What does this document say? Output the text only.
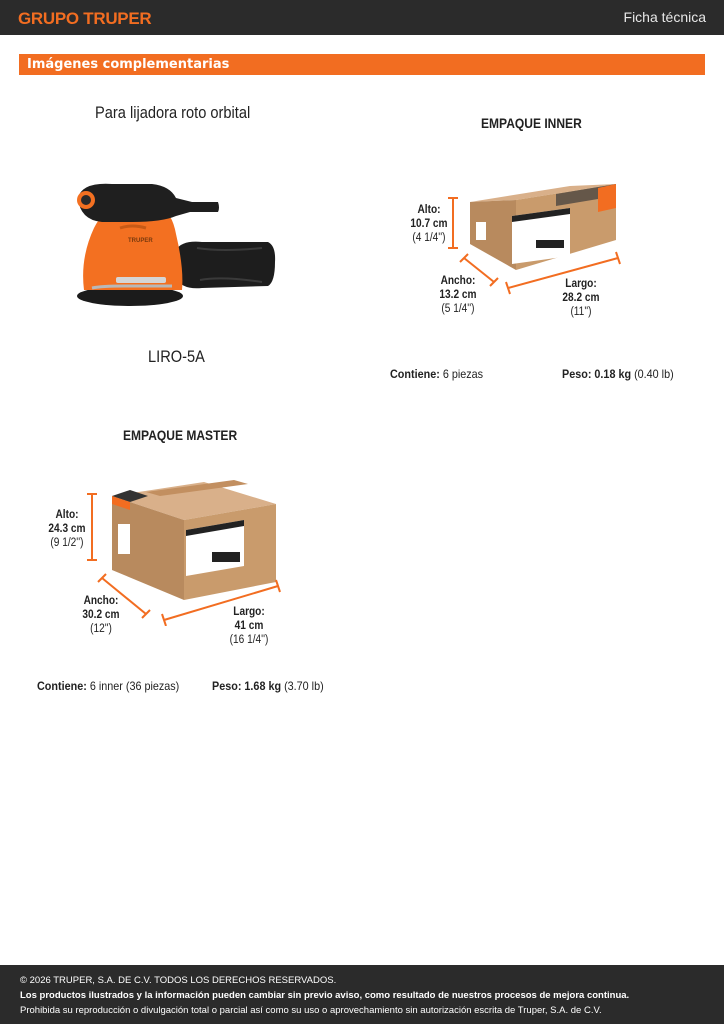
GRUPO TRUPER	Ficha técnica
Imágenes complementarias
Para lijadora roto orbital
TRUPER
LIRO-5A
EMPAQUE INNER
Alto:
10.7 cm
(4 1/4'')
Ancho:
13.2 cm
(5 1/4'')
Largo:
28.2 cm
(11'')
Contiene: 6 piezas	Peso: 0.18 kg (0.40 lb)
EMPAQUE MASTER
Alto:
24.3 cm
(9 1/2'')
Ancho:
30.2 cm
(12'')
Largo:
41 cm
(16 1/4'')
Contiene: 6 inner (36 piezas)	Peso: 1.68 kg (3.70 lb)
© 2026 TRUPER, S.A. DE C.V. TODOS LOS DERECHOS RESERVADOS.
Los productos ilustrados y la información pueden cambiar sin previo aviso, como resultado de nuestros procesos de mejora continua.
Prohibida su reproducción o divulgación total o parcial así como su uso o aprovechamiento sin autorización escrita de Truper, S.A. de C.V.
